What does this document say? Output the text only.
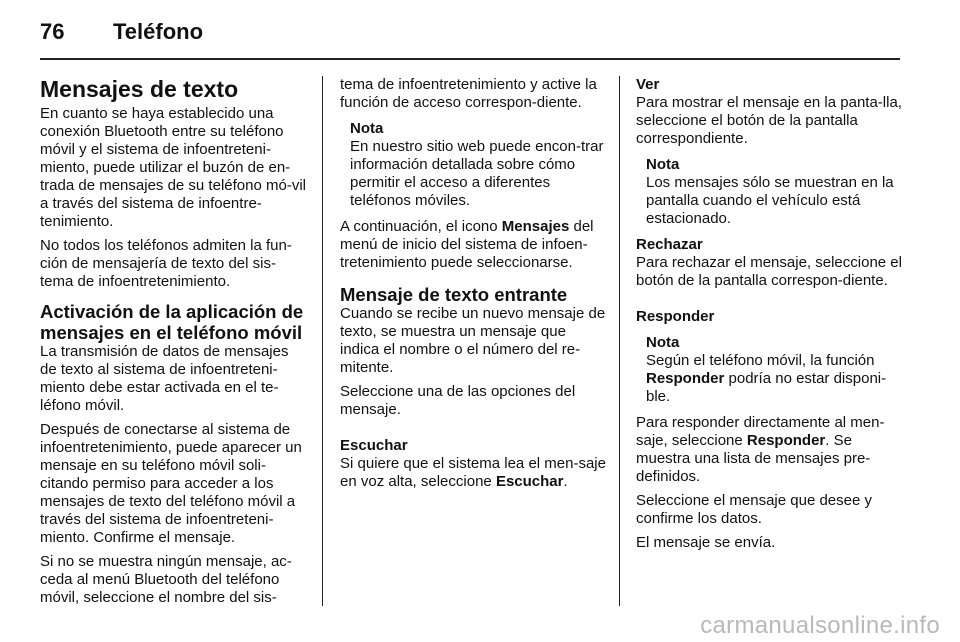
76 Teléfono
Mensajes de texto

En cuanto se haya establecido una conexión Bluetooth entre su teléfono móvil y el sistema de infoentreteni-miento, puede utilizar el buzón de en-trada de mensajes de su teléfono mó-vil a través del sistema de infoentre-tenimiento.

No todos los teléfonos admiten la fun-ción de mensajería de texto del sis-tema de infoentretenimiento.

Activación de la aplicación de mensajes en el teléfono móvil

La transmisión de datos de mensajes de texto al sistema de infoentreteni-miento debe estar activada en el te-léfono móvil.

Después de conectarse al sistema de infoentretenimiento, puede aparecer un mensaje en su teléfono móvil soli-citando permiso para acceder a los mensajes de texto del teléfono móvil a través del sistema de infoentreteni-miento. Confirme el mensaje.

Si no se muestra ningún mensaje, ac-ceda al menú Bluetooth del teléfono móvil, seleccione el nombre del sis-

tema de infoentretenimiento y active la función de acceso correspon-diente.

Nota
En nuestro sitio web puede encon-trar información detallada sobre cómo permitir el acceso a diferentes teléfonos móviles.

A continuación, el icono Mensajes del menú de inicio del sistema de infoen-tretenimiento puede seleccionarse.

Mensaje de texto entrante

Cuando se recibe un nuevo mensaje de texto, se muestra un mensaje que indica el nombre o el número del re-mitente.

Seleccione una de las opciones del mensaje.

Escuchar

Si quiere que el sistema lea el men-saje en voz alta, seleccione Escuchar.

Ver

Para mostrar el mensaje en la panta-lla, seleccione el botón de la pantalla correspondiente.

Nota
Los mensajes sólo se muestran en la pantalla cuando el vehículo está estacionado.
Rechazar

Para rechazar el mensaje, seleccione el botón de la pantalla correspon-diente.

Responder
Nota
Según el teléfono móvil, la función Responder podría no estar disponi-ble.

Para responder directamente al men-saje, seleccione Responder. Se muestra una lista de mensajes pre-definidos.

Seleccione el mensaje que desee y confirme los datos.

El mensaje se envía.

carmanualsonline.info
